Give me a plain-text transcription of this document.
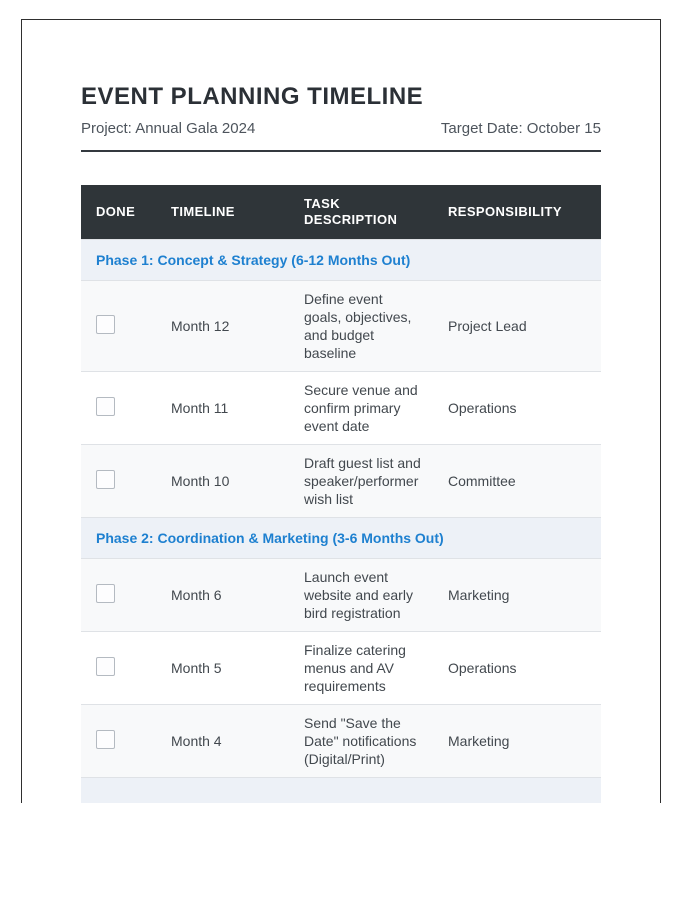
EVENT PLANNING TIMELINE
Project: Annual Gala 2024	Target Date: October 15
DONE	TIMELINE
TASK DESCRIPTION
RESPONSIBILITY
Phase 1: Concept & Strategy (6-12 Months Out)
Month 12
Define event goals, objectives, and budget baseline
Project Lead
Month 11
Secure venue and confirm primary event date
Operations
Month 10
Draft guest list and speaker/performer wish list
Committee
Phase 2: Coordination & Marketing (3-6 Months Out)
Month 6
Launch event website and early bird registration
Marketing
Month 5
Finalize catering menus and AV requirements
Operations
Month 4
Send "Save the Date" notifications (Digital/Print)
Marketing
